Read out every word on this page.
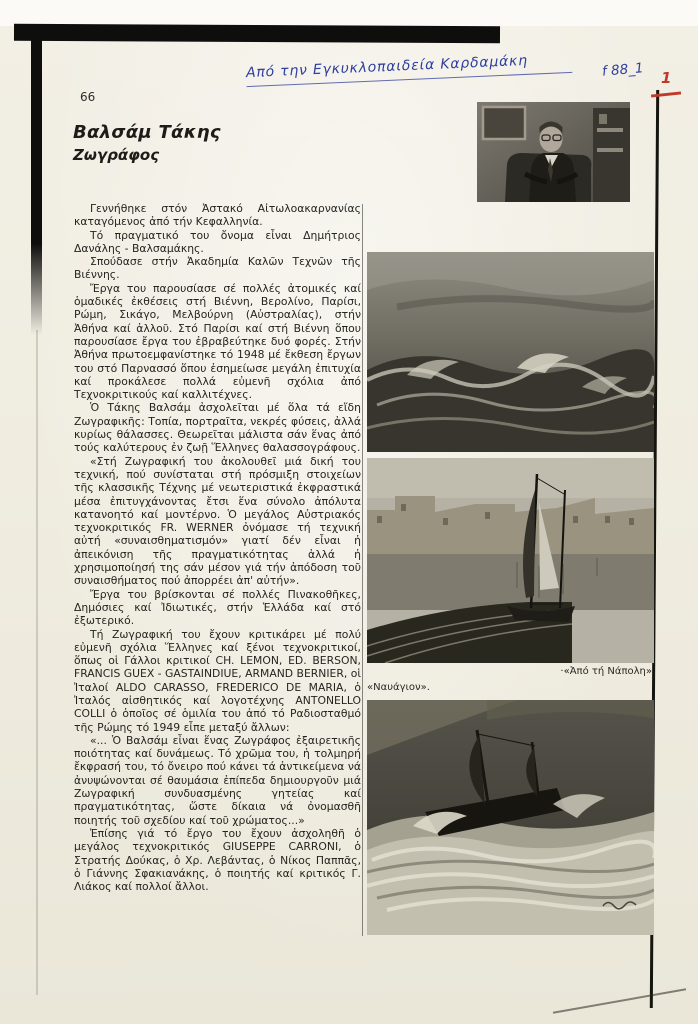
Από την Εγκυκλοπαιδεία Καρδαμάκη	f 88_1 1
66
Βαλσάμ Τάκης
Ζωγράφος

Γεννήθηκε στόν Ἀστακό Αἰτωλοακαρνανίας καταγόμενος ἀπό τήν Κεφαλληνία.

Τό πραγματικό του ὄνομα εἶναι Δημήτριος Δανάλης - Βαλσαμάκης.

Σπούδασε στήν Ἀκαδημία Καλῶν Τεχνῶν τῆς Βιέννης.

Ἔργα του παρουσίασε σέ πολλές ἀτομικές καί ὁμαδικές ἐκθέσεις στή Βιέννη, Βερολίνο, Παρίσι, Ρώμη, Σικάγο, Μελβούρνη (Αὐστραλίας), στήν Ἀθήνα καί ἀλλοῦ. Στό Παρίσι καί στή Βιέννη ὅπου παρουσίασε ἔργα του ἐβραβεύτηκε δυό φορές. Στήν Ἀθήνα πρωτοεμφανίστηκε τό 1948 μέ ἔκθεση ἔργων του στό Παρνασσό ὅπου ἐσημείωσε μεγάλη ἐπιτυχία καί προκάλεσε πολλά εὐμενῆ σχόλια ἀπό Τεχνοκριτικούς καί καλλιτέχνες.

Ὁ Τάκης Βαλσάμ ἀσχολεῖται μέ ὅλα τά εἴδη Ζωγραφικῆς: Τοπία, πορτραῖτα, νεκρές φύσεις, ἀλλά κυρίως θάλασσες. Θεωρεῖται μάλιστα σάν ἕνας ἀπό τούς καλύτερους ἐν ζωῇ Ἕλληνες θαλασσογράφους.

«Στή Ζωγραφική του ἀκολουθεῖ μιά δική του τεχνική, πού συνίσταται στή πρόσμιξη στοιχείων τῆς κλασσικῆς Τέχνης μέ νεωτεριστικά ἐκφραστικά μέσα ἐπιτυγχάνοντας ἔτσι ἕνα σύνολο ἀπόλυτα κατανοητό καί μοντέρνο. Ὁ μεγάλος Αὐστριακός τεχνοκριτικός FR. WERNER ὀνόμασε τή τεχνική αὐτή «συναισθηματισμόν» γιατί δέν εἶναι ἡ ἀπεικόνιση τῆς πραγματικότητας ἀλλά ἡ χρησιμοποίησή της σάν μέσον γιά τήν ἀπόδοση τοῦ συναισθήματος πού ἀπορρέει ἀπ' αὐτήν».

Ἔργα του βρίσκονται σέ πολλές Πινακοθῆκες, Δημόσιες καί Ἰδιωτικές, στήν Ἑλλάδα καί στό ἐξωτερικό.

Τή Ζωγραφική του ἔχουν κριτικάρει μέ πολύ εὐμενῆ σχόλια Ἕλληνες καί ξένοι τεχνοκριτικοί, ὅπως οἱ Γάλλοι κριτικοί CH. LEMON, ED. BERSON, FRANCIS GUEX - GASTAINDIUE, ARMAND BERNIER, οἱ Ἰταλοί ALDO CARASSO, FREDERICO DE MARIA, ὁ Ἰταλός αἰσθητικός καί λογοτέχνης ANTONELLO COLLI ὁ ὁποῖος σέ ὁμιλία του ἀπό τό Ραδιοσταθμό τῆς Ρώμης τό 1949 εἶπε μεταξύ ἄλλων:

«... Ὁ Βαλσάμ εἶναι ἕνας Ζωγράφος ἐξαιρετικῆς ποιότητας καί δυνάμεως. Τό χρῶμα του, ἡ τολμηρή ἔκφρασή του, τό ὄνειρο πού κάνει τά ἀντικείμενα νά ἀνυψώνονται σέ θαυμάσια ἐπίπεδα δημιουργοῦν μιά Ζωγραφική συνδυασμένης γητείας καί πραγματικότητας, ὥστε δίκαια νά ὀνομασθῆ ποιητής τοῦ σχεδίου καί τοῦ χρώματος...»

Ἐπίσης γιά τό ἔργο του ἔχουν ἀσχοληθῆ ὁ μεγάλος τεχνοκριτικός GIUSEPPE CARRONI, ὁ Στρατής Δούκας, ὁ Χρ. Λεβάντας, ὁ Νίκος Παππᾶς, ὁ Γιάννης Σφακιανάκης, ὁ ποιητής καί κριτικός Γ. Λιάκος καί πολλοί ἄλλοι.

·«Ἀπό τή Νάπολη»
«Ναυάγιον».
